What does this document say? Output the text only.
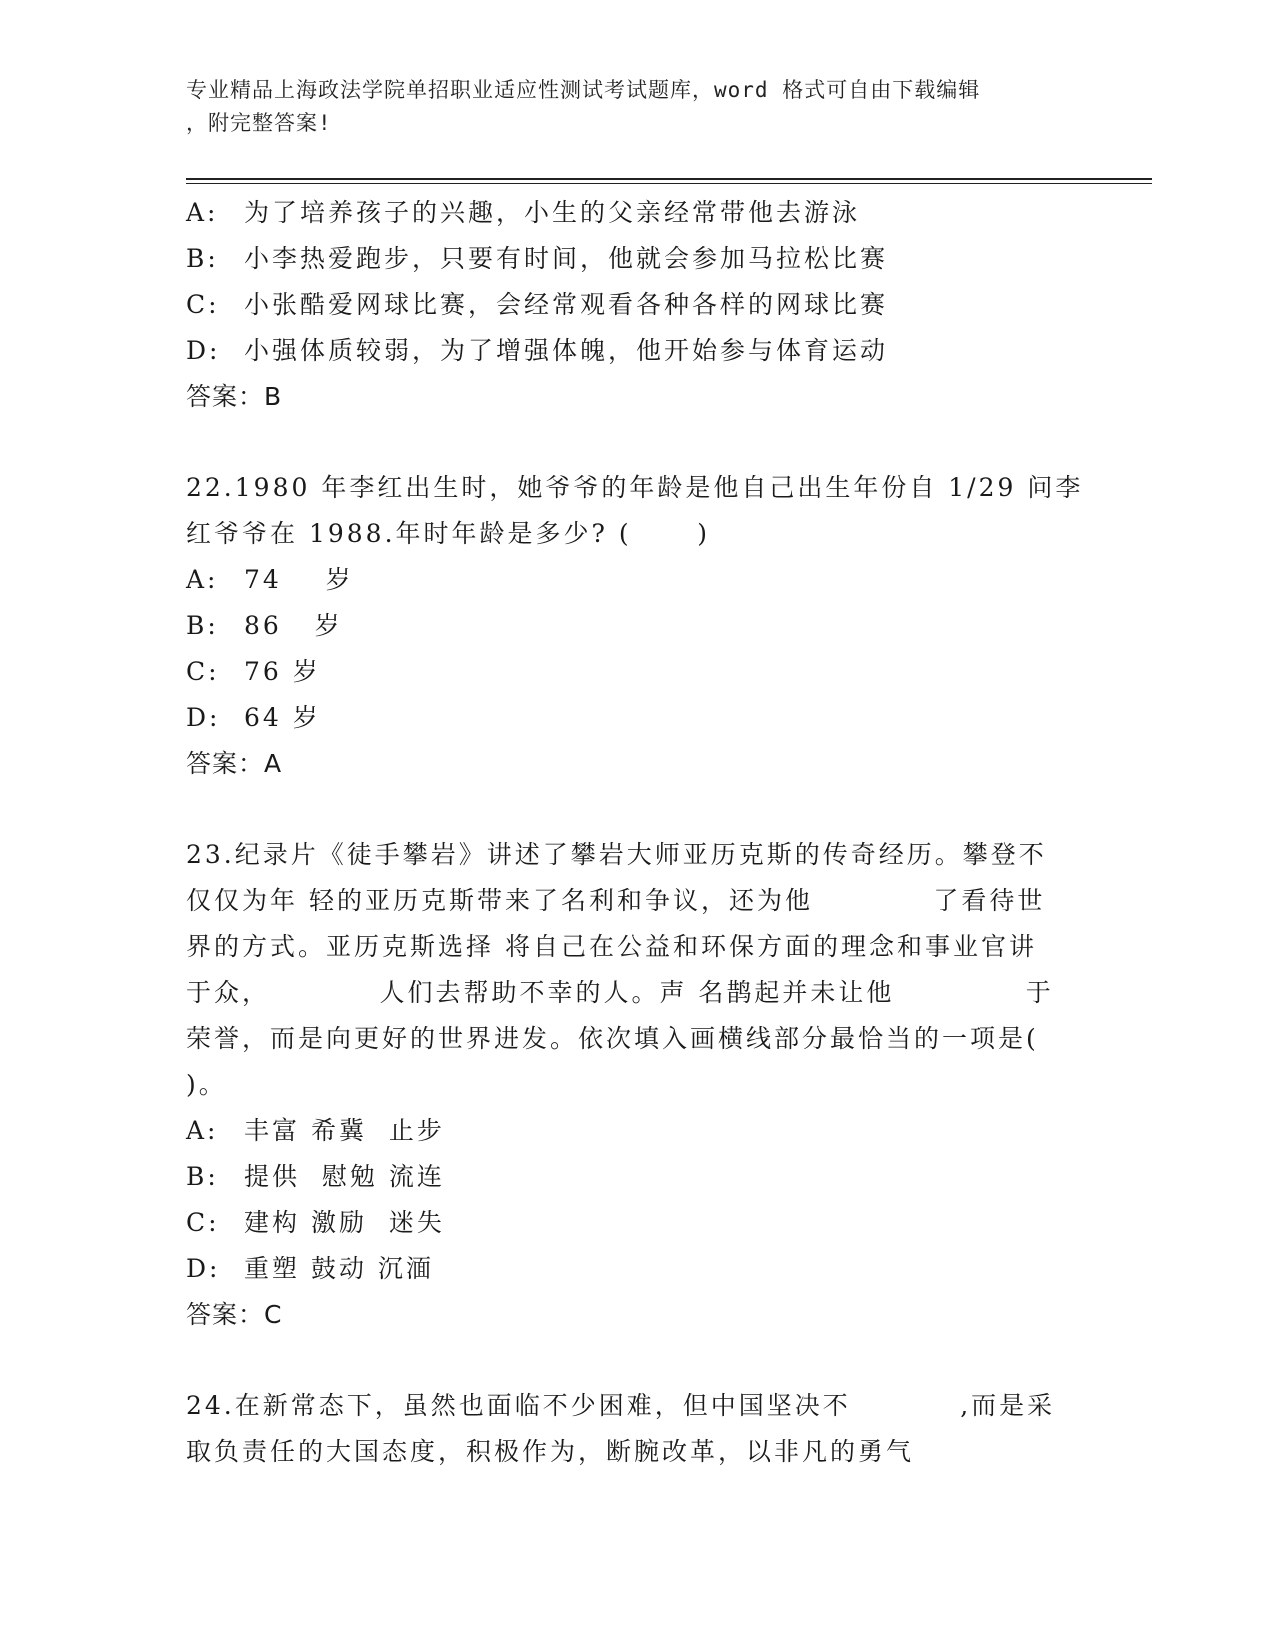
专业精品上海政法学院单招职业适应性测试考试题库，word 格式可自由下载编辑
，附完整答案!
A: 为了培养孩子的兴趣，小生的父亲经常带他去游泳
B: 小李热爱跑步，只要有时间，他就会参加马拉松比赛
C: 小张酷爱网球比赛，会经常观看各种各样的网球比赛
D: 小强体质较弱，为了增强体魄，他开始参与体育运动
答案：B
22.1980 年李红出生时，她爷爷的年龄是他自己出生年份自 1/29 问李
红爷爷在 1988.年时年龄是多少? (      )
A: 74    岁
B: 86   岁
C: 76 岁
D: 64 岁
答案：A
23.纪录片《徒手攀岩》讲述了攀岩大师亚历克斯的传奇经历。攀登不
仅仅为年 轻的亚历克斯带来了名利和争议，还为他           了看待世
界的方式。亚历克斯选择 将自己在公益和环保方面的理念和事业官讲
于众，          人们去帮助不幸的人。声 名鹊起并未让他            于
荣誉，而是向更好的世界进发。依次填入画横线部分最恰当的一项是(
)。
A: 丰富 希冀  止步
B: 提供  慰勉 流连
C: 建构 激励  迷失
D: 重塑 鼓动 沉湎
答案：C
24.在新常态下，虽然也面临不少困难，但中国坚决不          ,而是采
取负责任的大国态度，积极作为，断腕改革，以非凡的勇气
